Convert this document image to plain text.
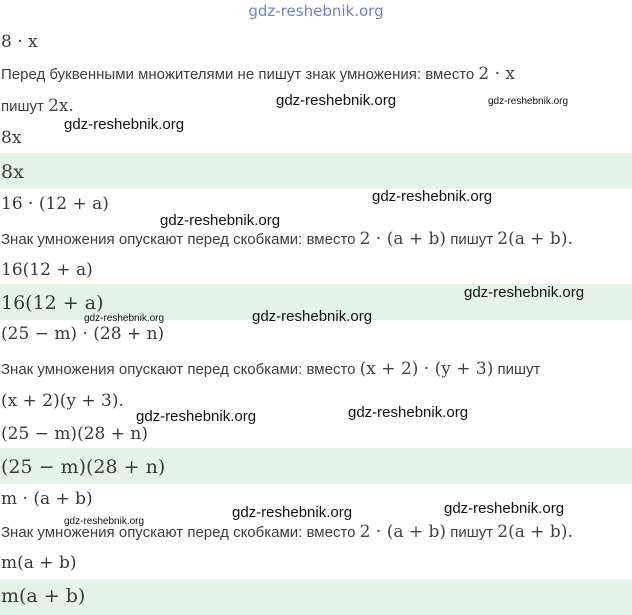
gdz-reshebnik.org
8 · x
Перед буквенными множителями не пишут знак умножения: вместо 2 · x
пишут 2x.
8x
8x
16 · (12 + a)
Знак умножения опускают перед скобками: вместо 2 · (a + b) пишут 2(a + b).
16(12 + a)
16(12 + a)
(25 − m) · (28 + n)
Знак умножения опускают перед скобками: вместо (x + 2) · (y + 3) пишут
(x + 2)(y + 3).
(25 − m)(28 + n)
(25 − m)(28 + n)
m · (a + b)
Знак умножения опускают перед скобками: вместо 2 · (a + b) пишут 2(a + b).
m(a + b)
m(a + b)
gdz-reshebnik.org	gdz-reshebnik.org
gdz-reshebnik.org
gdz-reshebnik.org
gdz-reshebnik.org
gdz-reshebnik.org
gdz-reshebnik.org	gdz-reshebnik.org
gdz-reshebnik.org	gdz-reshebnik.org
gdz-reshebnik.org	gdz-reshebnik.org
gdz-reshebnik.org
